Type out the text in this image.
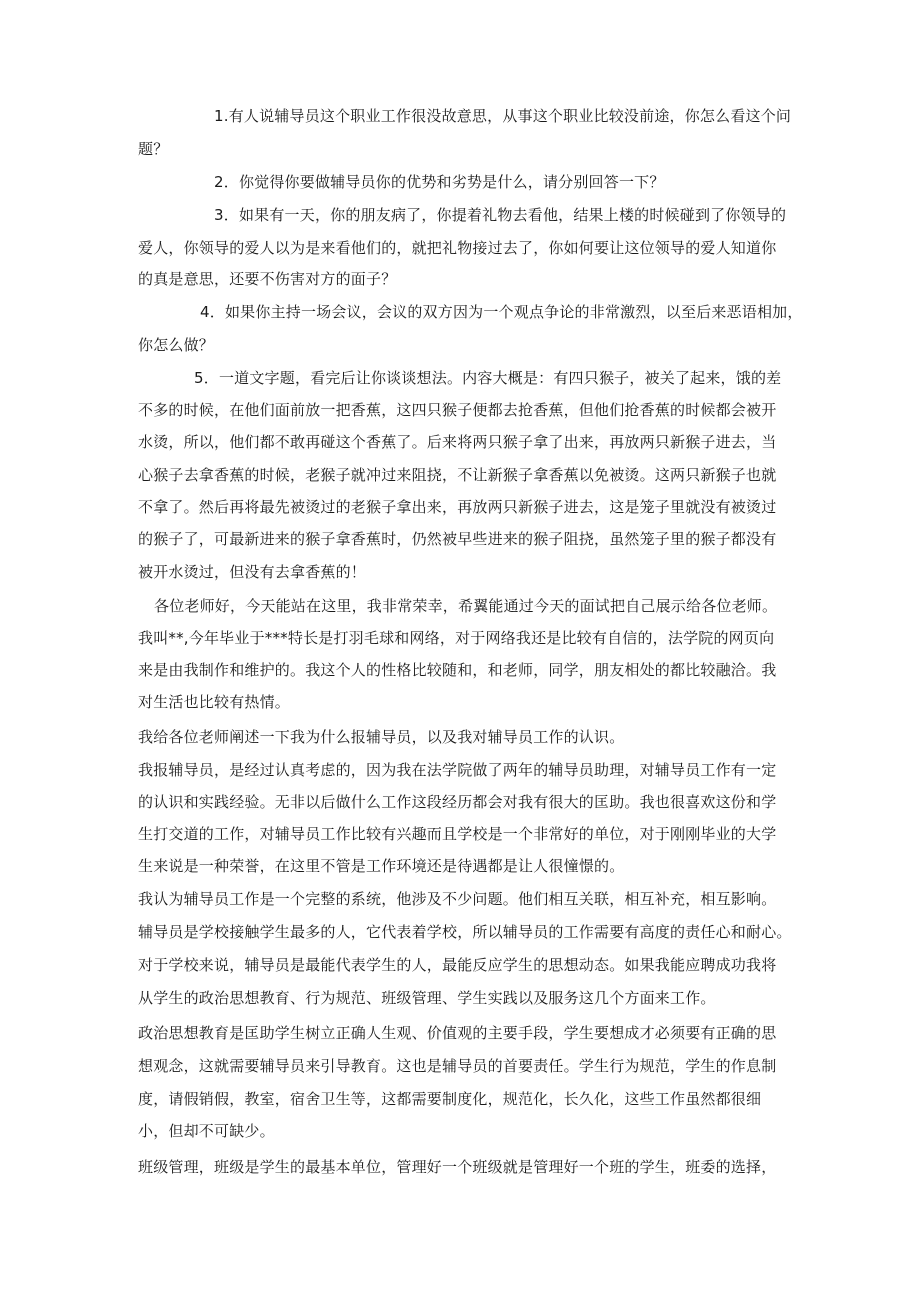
1.有人说辅导员这个职业工作很没故意思，从事这个职业比较没前途，你怎么看这个问
题？
2．你觉得你要做辅导员你的优势和劣势是什么，请分别回答一下？
3．如果有一天，你的朋友病了，你提着礼物去看他，结果上楼的时候碰到了你领导的
爱人，你领导的爱人以为是来看他们的，就把礼物接过去了，你如何要让这位领导的爱人知道你
的真是意思，还要不伤害对方的面子？
4．如果你主持一场会议，会议的双方因为一个观点争论的非常激烈，以至后来恶语相加，
你怎么做？
5．一道文字题，看完后让你谈谈想法。内容大概是：有四只猴子，被关了起来，饿的差
不多的时候，在他们面前放一把香蕉，这四只猴子便都去抢香蕉，但他们抢香蕉的时候都会被开
水烫，所以，他们都不敢再碰这个香蕉了。后来将两只猴子拿了出来，再放两只新猴子进去，当
心猴子去拿香蕉的时候，老猴子就冲过来阻挠，不让新猴子拿香蕉以免被烫。这两只新猴子也就
不拿了。然后再将最先被烫过的老猴子拿出来，再放两只新猴子进去，这是笼子里就没有被烫过
的猴子了，可最新进来的猴子拿香蕉时，仍然被早些进来的猴子阻挠，虽然笼子里的猴子都没有
被开水烫过，但没有去拿香蕉的！
各位老师好，今天能站在这里，我非常荣幸，希翼能通过今天的面试把自己展示给各位老师。
我叫**,今年毕业于***特长是打羽毛球和网络，对于网络我还是比较有自信的，法学院的网页向
来是由我制作和维护的。我这个人的性格比较随和，和老师，同学，朋友相处的都比较融洽。我
对生活也比较有热情。
我给各位老师阐述一下我为什么报辅导员，以及我对辅导员工作的认识。
我报辅导员，是经过认真考虑的，因为我在法学院做了两年的辅导员助理，对辅导员工作有一定
的认识和实践经验。无非以后做什么工作这段经历都会对我有很大的匡助。我也很喜欢这份和学
生打交道的工作，对辅导员工作比较有兴趣而且学校是一个非常好的单位，对于刚刚毕业的大学
生来说是一种荣誉，在这里不管是工作环境还是待遇都是让人很憧憬的。
我认为辅导员工作是一个完整的系统，他涉及不少问题。他们相互关联，相互补充，相互影响。
辅导员是学校接触学生最多的人，它代表着学校，所以辅导员的工作需要有高度的责任心和耐心。
对于学校来说，辅导员是最能代表学生的人，最能反应学生的思想动态。如果我能应聘成功我将
从学生的政治思想教育、行为规范、班级管理、学生实践以及服务这几个方面来工作。
政治思想教育是匡助学生树立正确人生观、价值观的主要手段，学生要想成才必须要有正确的思
想观念，这就需要辅导员来引导教育。这也是辅导员的首要责任。学生行为规范，学生的作息制
度，请假销假，教室，宿舍卫生等，这都需要制度化，规范化，长久化，这些工作虽然都很细
小，但却不可缺少。
班级管理，班级是学生的最基本单位，管理好一个班级就是管理好一个班的学生，班委的选择，
